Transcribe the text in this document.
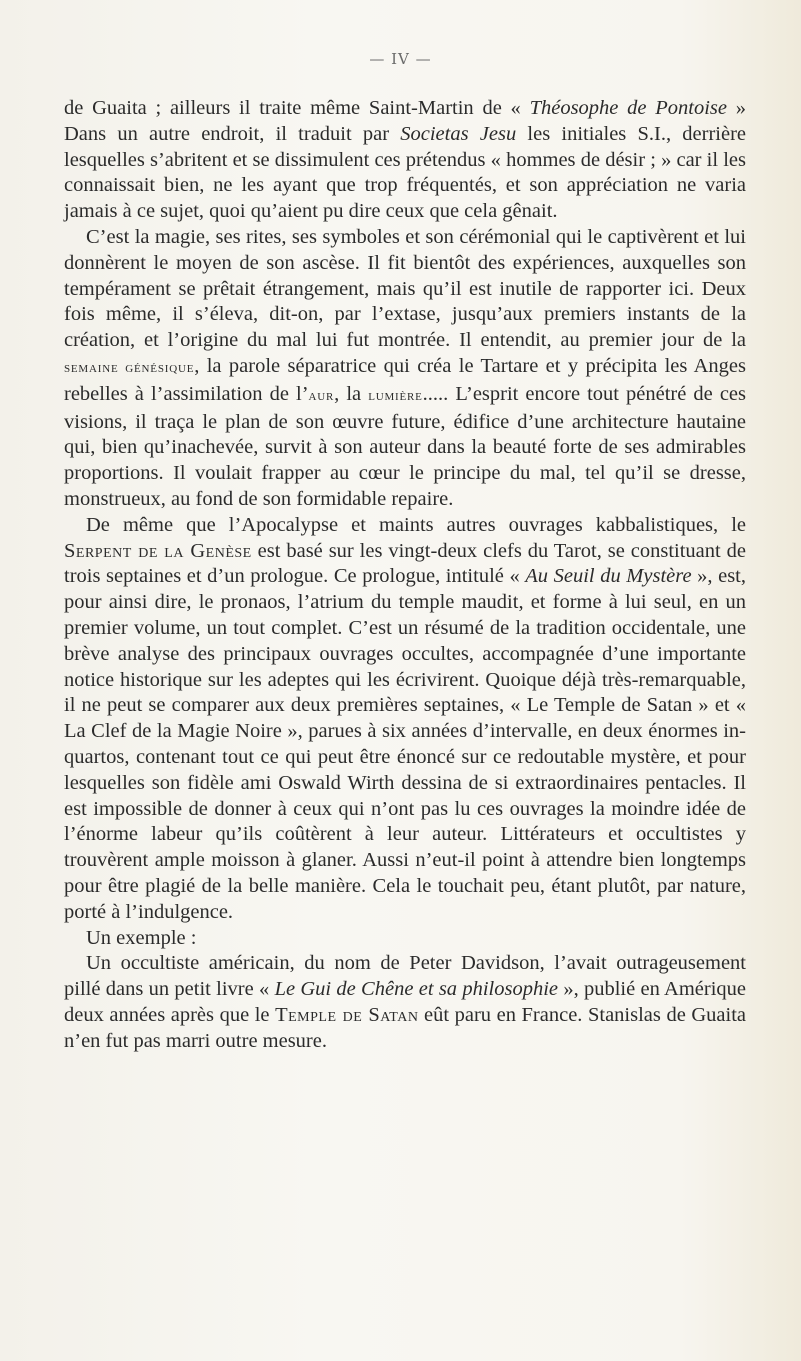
— IV —

de Guaita ; ailleurs il traite même Saint-Martin de « Théosophe de Pontoise » Dans un autre endroit, il traduit par Societas Jesu les initiales S.I., derrière lesquelles s’abritent et se dissimulent ces prétendus « hommes de désir ; » car il les connaissait bien, ne les ayant que trop fréquentés, et son appréciation ne varia jamais à ce sujet, quoi qu’aient pu dire ceux que cela gênait.

C’est la magie, ses rites, ses symboles et son cérémonial qui le captivèrent et lui donnèrent le moyen de son ascèse. Il fit bientôt des expériences, auxquelles son tempérament se prêtait étrangement, mais qu’il est inutile de rapporter ici. Deux fois même, il s’éleva, dit-on, par l’extase, jusqu’aux premiers instants de la création, et l’origine du mal lui fut montrée. Il entendit, au premier jour de la semaine génésique, la parole séparatrice qui créa le Tartare et y précipita les Anges rebelles à l’assimilation de l’aur, la lumière..... L’esprit encore tout pénétré de ces visions, il traça le plan de son œuvre future, édifice d’une architecture hautaine qui, bien qu’inachevée, survit à son auteur dans la beauté forte de ses admirables proportions. Il voulait frapper au cœur le principe du mal, tel qu’il se dresse, monstrueux, au fond de son formidable repaire.

De même que l’Apocalypse et maints autres ouvrages kabbalistiques, le Serpent de la Genèse est basé sur les vingt-deux clefs du Tarot, se constituant de trois septaines et d’un prologue. Ce prologue, intitulé « Au Seuil du Mystère », est, pour ainsi dire, le pronaos, l’atrium du temple maudit, et forme à lui seul, en un premier volume, un tout complet. C’est un résumé de la tradition occidentale, une brève analyse des principaux ouvrages occultes, accompagnée d’une importante notice historique sur les adeptes qui les écrivirent. Quoique déjà très-remarquable, il ne peut se comparer aux deux premières septaines, « Le Temple de Satan » et « La Clef de la Magie Noire », parues à six années d’intervalle, en deux énormes in-quartos, contenant tout ce qui peut être énoncé sur ce redoutable mystère, et pour lesquelles son fidèle ami Oswald Wirth dessina de si extraordinaires pentacles. Il est impossible de donner à ceux qui n’ont pas lu ces ouvrages la moindre idée de l’énorme labeur qu’ils coûtèrent à leur auteur. Littérateurs et occultistes y trouvèrent ample moisson à glaner. Aussi n’eut-il point à attendre bien longtemps pour être plagié de la belle manière. Cela le touchait peu, étant plutôt, par nature, porté à l’indulgence.

Un exemple :

Un occultiste américain, du nom de Peter Davidson, l’avait outrageusement pillé dans un petit livre « Le Gui de Chêne et sa philosophie », publié en Amérique deux années après que le Temple de Satan eût paru en France. Stanislas de Guaita n’en fut pas marri outre mesure.
